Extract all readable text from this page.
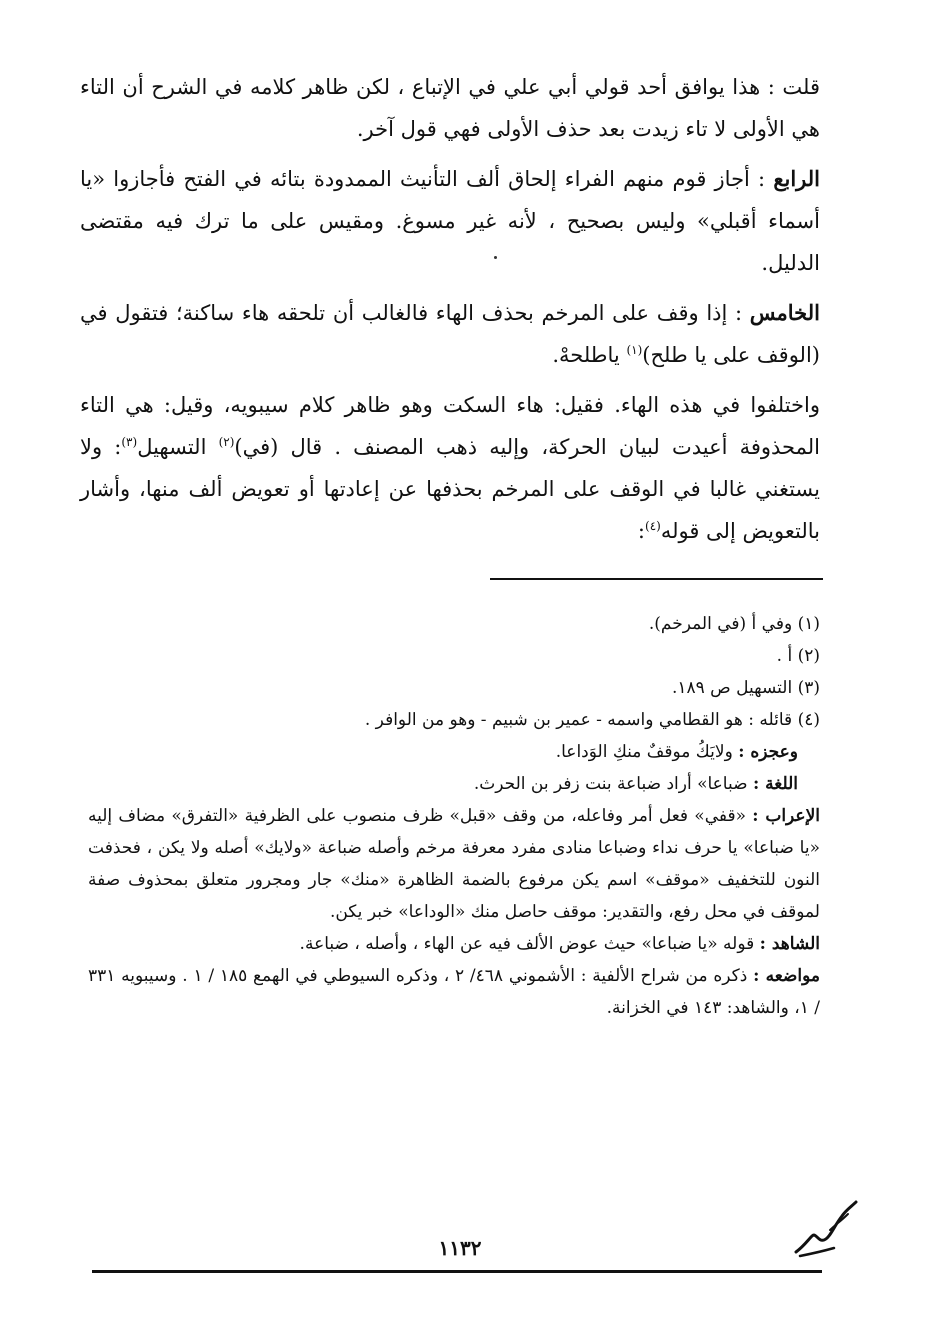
قلت : هذا يوافق أحد قولي أبي علي في الإتباع ، لكن ظاهر كلامه في الشرح أن التاء هي الأولى لا تاء زيدت بعد حذف الأولى فهي قول آخر.

الرابع : أجاز قوم منهم الفراء إلحاق ألف التأنيث الممدودة بتائه في الفتح فأجازوا «يا أسماء أقبلي» وليس بصحيح ، لأنه غير مسوغ. ومقيس على ما ترك فيه مقتضى الدليل.

الخامس : إذا وقف على المرخم بحذف الهاء فالغالب أن تلحقه هاء ساكنة؛ فتقول في (الوقف على يا طلح)$^{(١)}$ ياطلحهْ.

واختلفوا في هذه الهاء. فقيل: هاء السكت وهو ظاهر كلام سيبويه، وقيل: هي التاء المحذوفة أعيدت لبيان الحركة، وإليه ذهب المصنف . قال (في)$^{(٢)}$ التسهيل$^{(٣)}$: ولا يستغني غالبا في الوقف على المرخم بحذفها عن إعادتها أو تعويض ألف منها، وأشار بالتعويض إلى قوله$^{(٤)}$:

(١) وفي أ (في المرخم).

(٢) أ .

(٣) التسهيل ص ١٨٩.

(٤) قائله : هو القطامي واسمه - عمير بن شبيم - وهو من الوافر .

وعجزه : ولايَكُ موقفٌ منكِ الوَداعا.

اللغة : ضباعا» أراد ضباعة بنت زفر بن الحرث.

الإعراب : «قفي» فعل أمر وفاعله، من وقف «قبل» ظرف منصوب على الظرفية «التفرق» مضاف إليه «يا ضباعا» يا حرف نداء وضباعا منادى مفرد معرفة مرخم وأصله ضباعة «ولايك» أصله ولا يكن ، فحذفت النون للتخفيف «موقف» اسم يكن مرفوع بالضمة الظاهرة «منك» جار ومجرور متعلق بمحذوف صفة لموقف في محل رفع، والتقدير: موقف حاصل منك «الوداعا» خبر يكن.

الشاهد : قوله «يا ضباعا» حيث عوض الألف فيه عن الهاء ، وأصله ، ضباعة.

مواضعه : ذكره من شراح الألفية : الأشموني ٤٦٨/ ٢ ، وذكره السيوطي في الهمع ١٨٥ / ١ . وسيبويه ٣٣١ / ١، والشاهد: ١٤٣ في الخزانة.

١١٣٢
